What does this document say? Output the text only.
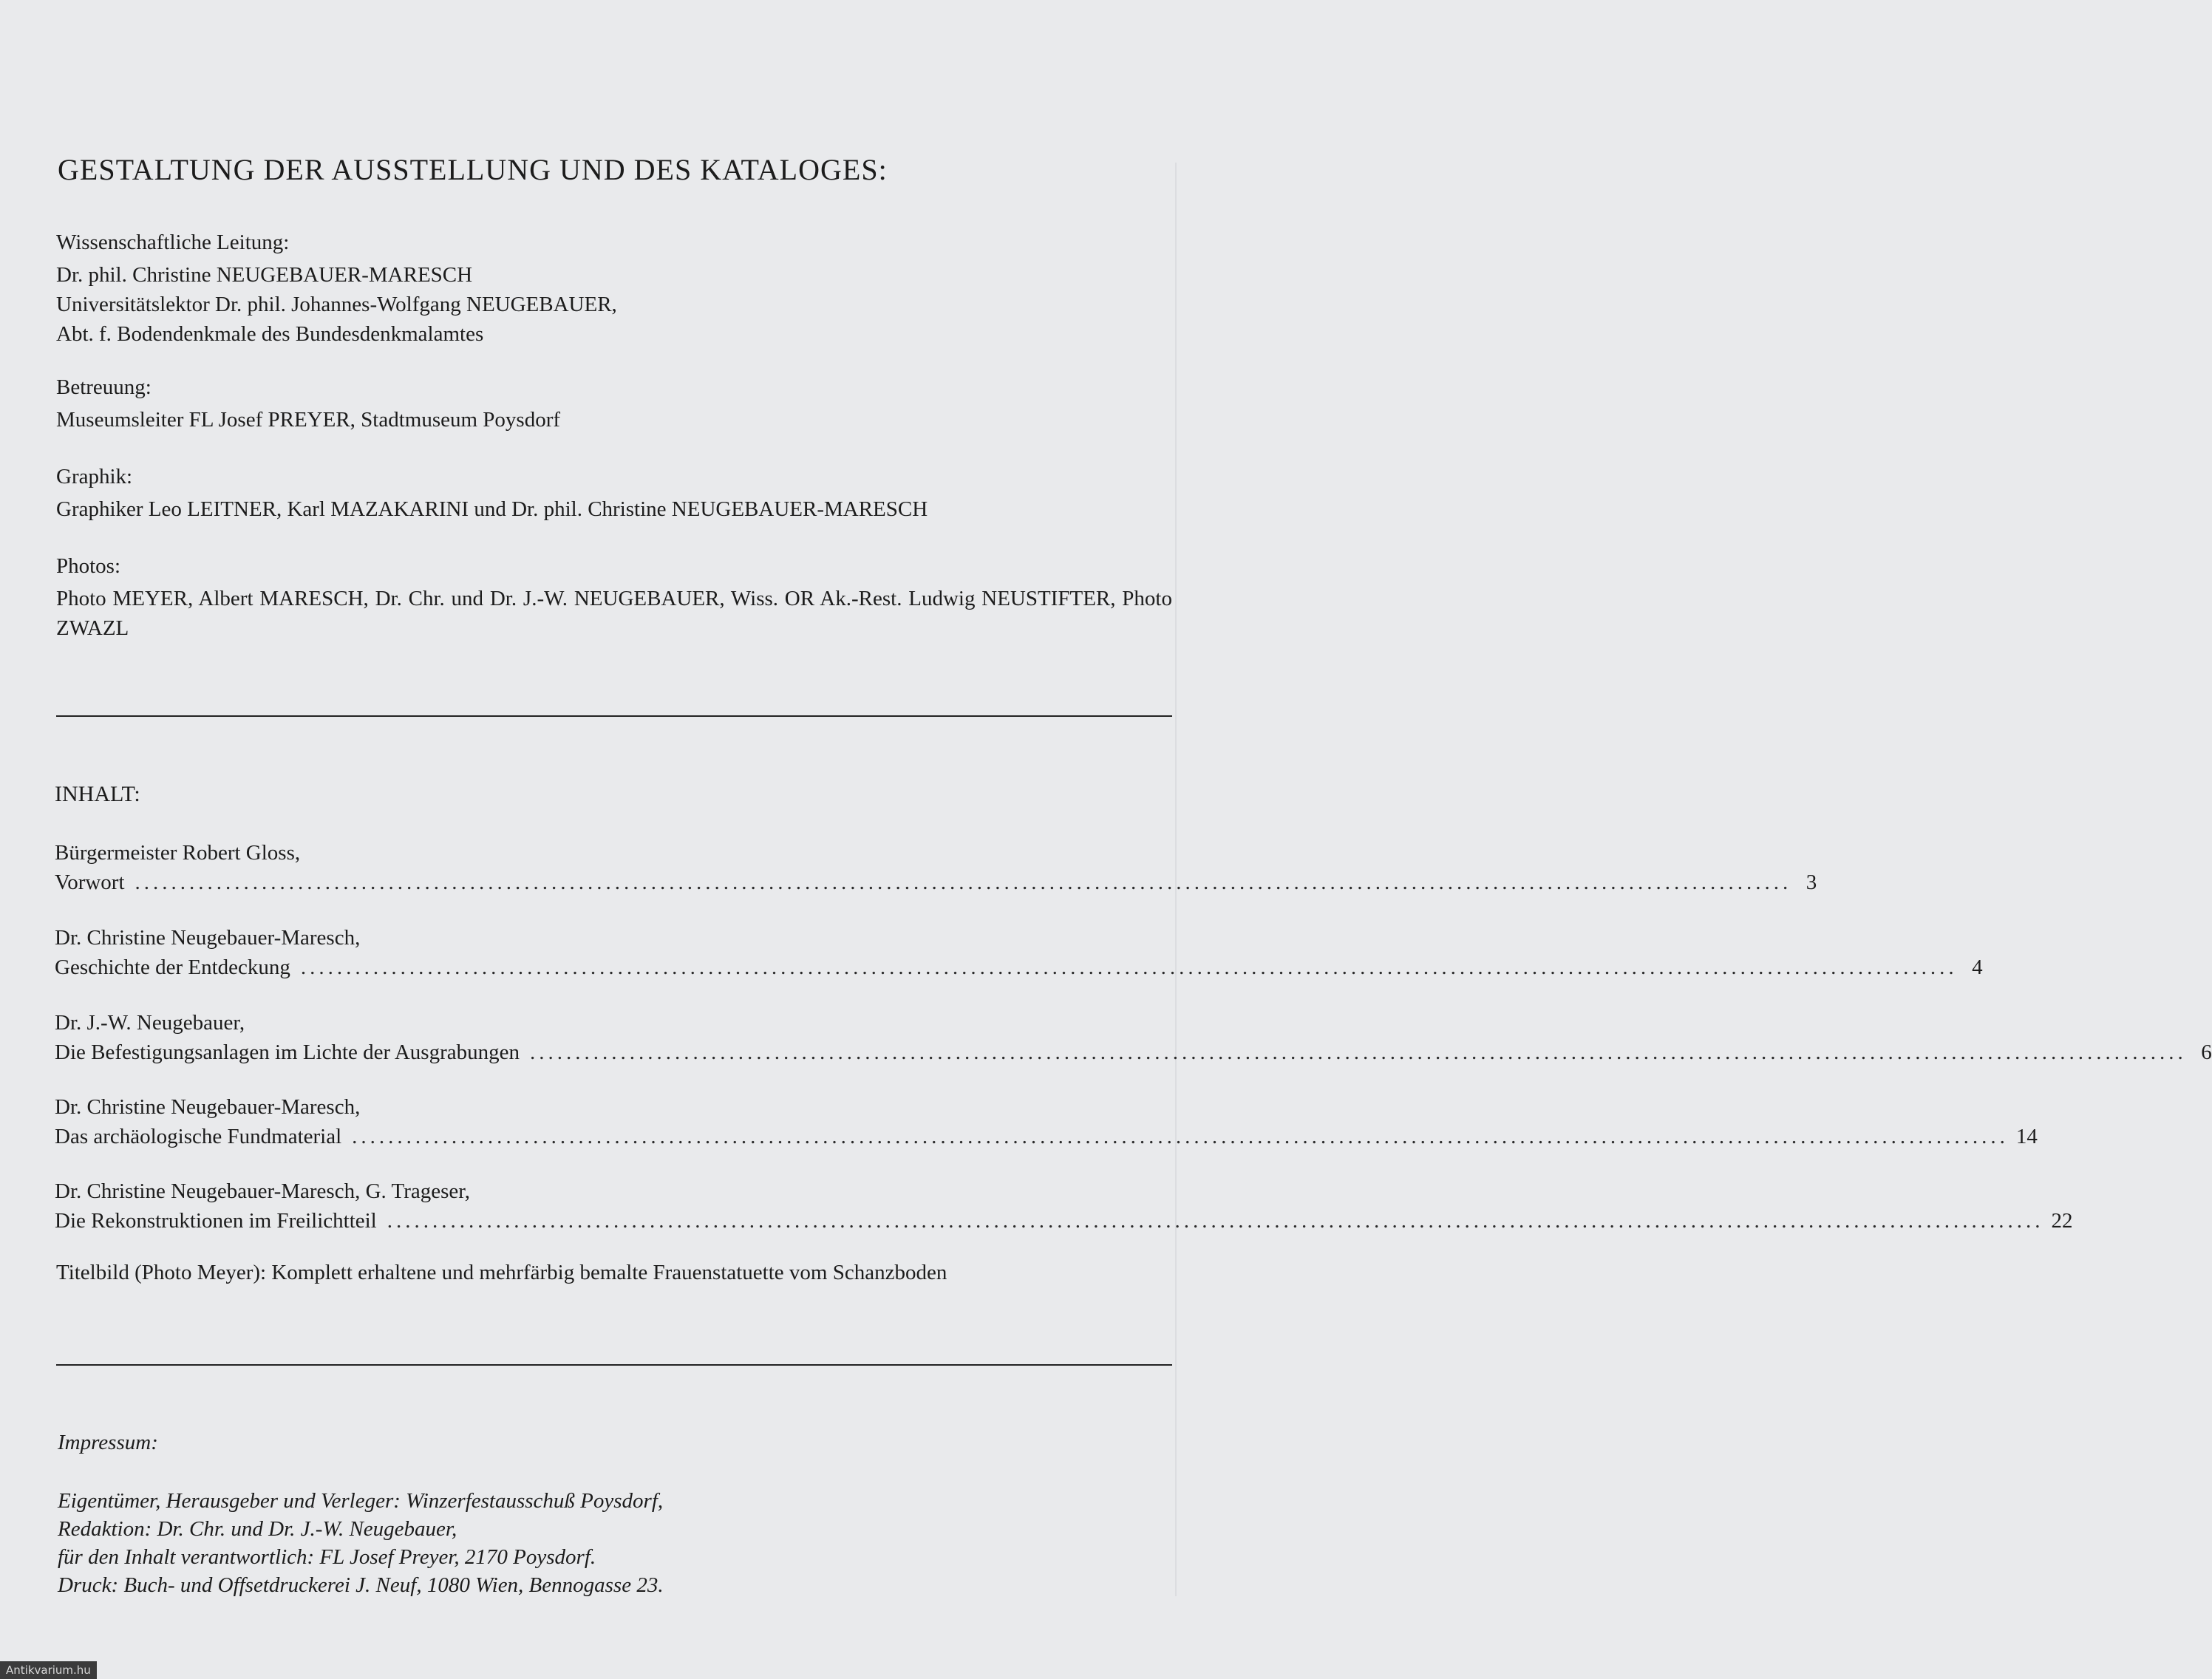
GESTALTUNG DER AUSSTELLUNG UND DES KATALOGES:
Wissenschaftliche Leitung:
Dr. phil. Christine NEUGEBAUER-MARESCH
Universitätslektor Dr. phil. Johannes-Wolfgang NEUGEBAUER,
Abt. f. Bodendenkmale des Bundesdenkmalamtes
Betreuung:
Museumsleiter FL Josef PREYER, Stadtmuseum Poysdorf
Graphik:
Graphiker Leo LEITNER, Karl MAZAKARINI und Dr. phil. Christine NEUGEBAUER-MARESCH
Photos:
Photo MEYER, Albert MARESCH, Dr. Chr. und Dr. J.-W. NEUGEBAUER, Wiss. OR Ak.-Rest. Ludwig NEUSTIFTER, Photo ZWAZL
INHALT:
Bürgermeister Robert Gloss,
Vorwort ....................................................................................................................................................................................... 3
Dr. Christine Neugebauer-Maresch,
Geschichte der Entdeckung ....................................................................................................................................................................................... 4
Dr. J.-W. Neugebauer,
Die Befestigungsanlagen im Lichte der Ausgrabungen ....................................................................................................................................................................................... 6
Dr. Christine Neugebauer-Maresch,
Das archäologische Fundmaterial ....................................................................................................................................................................................... 14
Dr. Christine Neugebauer-Maresch, G. Trageser,
Die Rekonstruktionen im Freilichtteil ....................................................................................................................................................................................... 22
Titelbild (Photo Meyer): Komplett erhaltene und mehrfärbig bemalte Frauenstatuette vom Schanzboden
Impressum:
Eigentümer, Herausgeber und Verleger: Winzerfestausschuß Poysdorf,
Redaktion: Dr. Chr. und Dr. J.-W. Neugebauer,
für den Inhalt verantwortlich: FL Josef Preyer, 2170 Poysdorf.
Druck: Buch- und Offsetdruckerei J. Neuf, 1080 Wien, Bennogasse 23.
Antikvarium.hu
